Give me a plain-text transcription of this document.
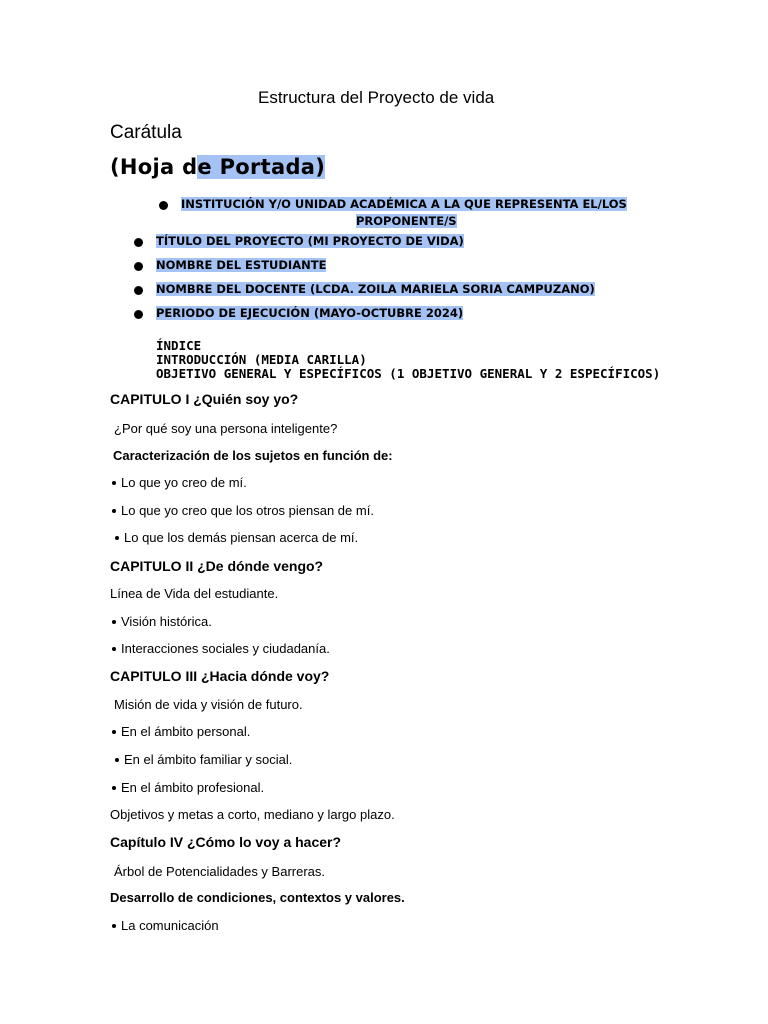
Estructura del Proyecto de vida
Carátula
(Hoja de Portada)
INSTITUCIÓN Y/O UNIDAD ACADÉMICA A LA QUE REPRESENTA EL/LOS
PROPONENTE/S
TÍTULO DEL PROYECTO (MI PROYECTO DE VIDA)
NOMBRE DEL ESTUDIANTE
NOMBRE DEL DOCENTE (LCDA. ZOILA MARIELA SORIA CAMPUZANO)
PERIODO DE EJECUCIÓN (MAYO-OCTUBRE 2024)
ÍNDICE
INTRODUCCIÓN (MEDIA CARILLA)
OBJETIVO GENERAL Y ESPECÍFICOS (1 OBJETIVO GENERAL Y 2 ESPECÍFICOS)
CAPITULO I ¿Quién soy yo?
¿Por qué soy una persona inteligente?
Caracterización de los sujetos en función de:
Lo que yo creo de mí.
Lo que yo creo que los otros piensan de mí.
Lo que los demás piensan acerca de mí.
CAPITULO II ¿De dónde vengo?
Línea de Vida del estudiante.
Visión histórica.
Interacciones sociales y ciudadanía.
CAPITULO III ¿Hacia dónde voy?
Misión de vida y visión de futuro.
En el ámbito personal.
En el ámbito familiar y social.
En el ámbito profesional.
Objetivos y metas a corto, mediano y largo plazo.
Capítulo IV ¿Cómo lo voy a hacer?
Árbol de Potencialidades y Barreras.
Desarrollo de condiciones, contextos y valores.
La comunicación
